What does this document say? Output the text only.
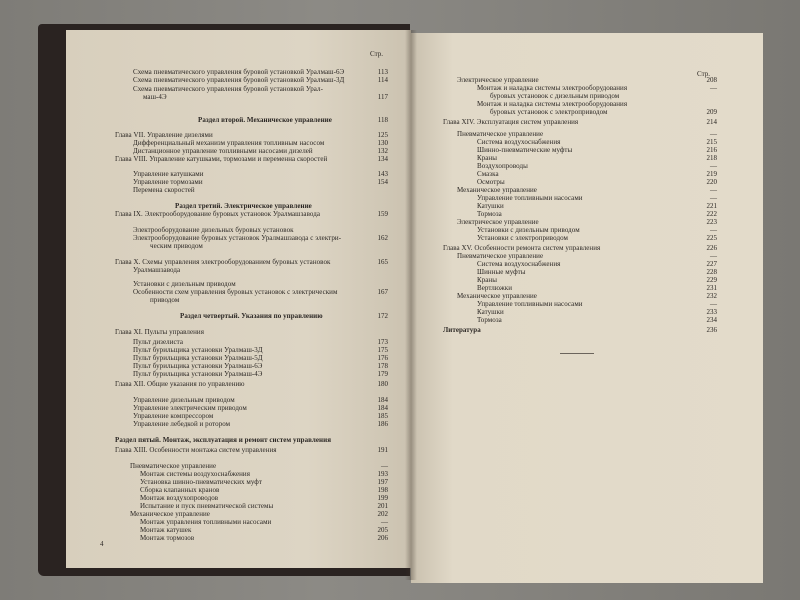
Схема пневматического управления буровой установкой Уралмаш-6Э	113
Схема пневматического управления буровой установкой Уралмаш-3Д	114
Схема пневматического управления буровой установкой Урал-
маш-4Э	117
Раздел второй. Механическое управление	118
Глава VII. Управление дизелями	125
Дифференциальный механизм управления топливным насосом	130
Дистанционное управление топливными насосами дизелей	132
Глава VIII. Управление катушками, тормозами и переменна скоростей	134
Управление катушками	143
Управление тормозами	154
Перемена скоростей
Раздел третий. Электрическое управление
Глава IX. Электрооборудование буровых установок Уралмашзавода	159
Электрооборудование дизельных буровых установок
Электрооборудование буровых установок Уралмашзавода с электри-	162
ческим приводом
Глава X. Схемы управления электрооборудованием буровых установок	165
Уралмашзавода
Установки с дизельным приводом
Особенности схем управления буровых установок с электрическим	167
приводом
Раздел четвертый. Указания по управлению	172
Глава XI. Пульты управления
Пульт дизелиста	173
Пульт бурильщика установки Уралмаш-3Д	175
Пульт бурильщика установки Уралмаш-5Д	176
Пульт бурильщика установки Уралмаш-6Э	178
Пульт бурильщика установки Уралмаш-4Э	179
Глава XII. Общие указания по управлению	180
Управление дизельным приводом	184
Управление электрическим приводом	184
Управление компрессором	185
Управление лебедкой и ротором	186
Раздел пятый. Монтаж, эксплуатация и ремонт систем управления
Глава XIII. Особенности монтажа систем управления	191
Пневматическое управление	—
Монтаж системы воздухоснабжения	193
Установка шинно-пневматических муфт	197
Сборка клапанных кранов	198
Монтаж воздухопроводов	199
Испытание и пуск пневматической системы	201
Механическое управление	202
Монтаж управления топливными насосами	—
Монтаж катушек	205
Монтаж тормозов	206
Электрическое управление	208
Монтаж и наладка системы электрооборудования	—
буровых установок с дизельным приводом
Монтаж и наладка системы электрооборудования
буровых установок с электроприводом	209
Глава XIV. Эксплуатация систем управления	214
Пневматическое управление	—
Система воздухоснабжения	215
Шинно-пневматические муфты	216
Краны	218
Воздухопроводы	—
Смазка	219
Осмотры	220
Механическое управление	—
Управление топливными насосами	—
Катушки	221
Тормоза	222
Электрическое управление	223
Установки с дизельным приводом	—
Установки с электроприводом	225
Глава XV. Особенности ремонта систем управления	226
Пневматическое управление	—
Система воздухоснабжения	227
Шинные муфты	228
Краны	229
Вертлюжки	231
Механическое управление	232
Управление топливными насосами	—
Катушки	233
Тормоза	234
Литература	236
Стр.
Стр.
4
